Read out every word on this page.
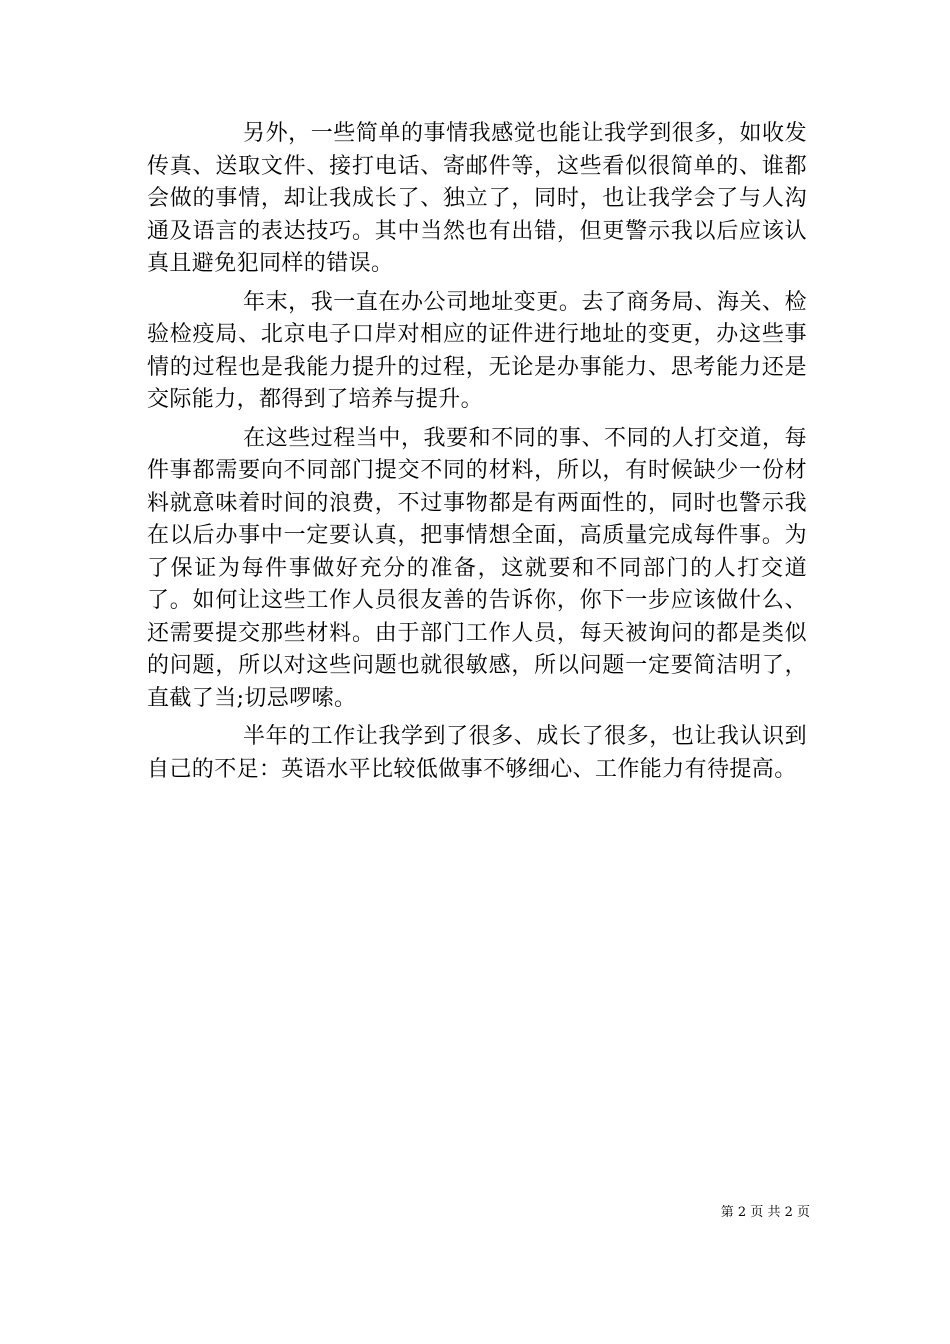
另外，一些简单的事情我感觉也能让我学到很多，如收发传真、送取文件、接打电话、寄邮件等，这些看似很简单的、谁都会做的事情，却让我成长了、独立了，同时，也让我学会了与人沟通及语言的表达技巧。其中当然也有出错，但更警示我以后应该认真且避免犯同样的错误。

年末，我一直在办公司地址变更。去了商务局、海关、检验检疫局、北京电子口岸对相应的证件进行地址的变更，办这些事情的过程也是我能力提升的过程，无论是办事能力、思考能力还是交际能力，都得到了培养与提升。

在这些过程当中，我要和不同的事、不同的人打交道，每件事都需要向不同部门提交不同的材料，所以，有时候缺少一份材料就意味着时间的浪费，不过事物都是有两面性的，同时也警示我在以后办事中一定要认真，把事情想全面，高质量完成每件事。为了保证为每件事做好充分的准备，这就要和不同部门的人打交道了。如何让这些工作人员很友善的告诉你，你下一步应该做什么、还需要提交那些材料。由于部门工作人员，每天被询问的都是类似的问题，所以对这些问题也就很敏感，所以问题一定要简洁明了，直截了当;切忌啰嗦。

半年的工作让我学到了很多、成长了很多，也让我认识到自己的不足：英语水平比较低做事不够细心、工作能力有待提高。

第 2 页 共 2 页
